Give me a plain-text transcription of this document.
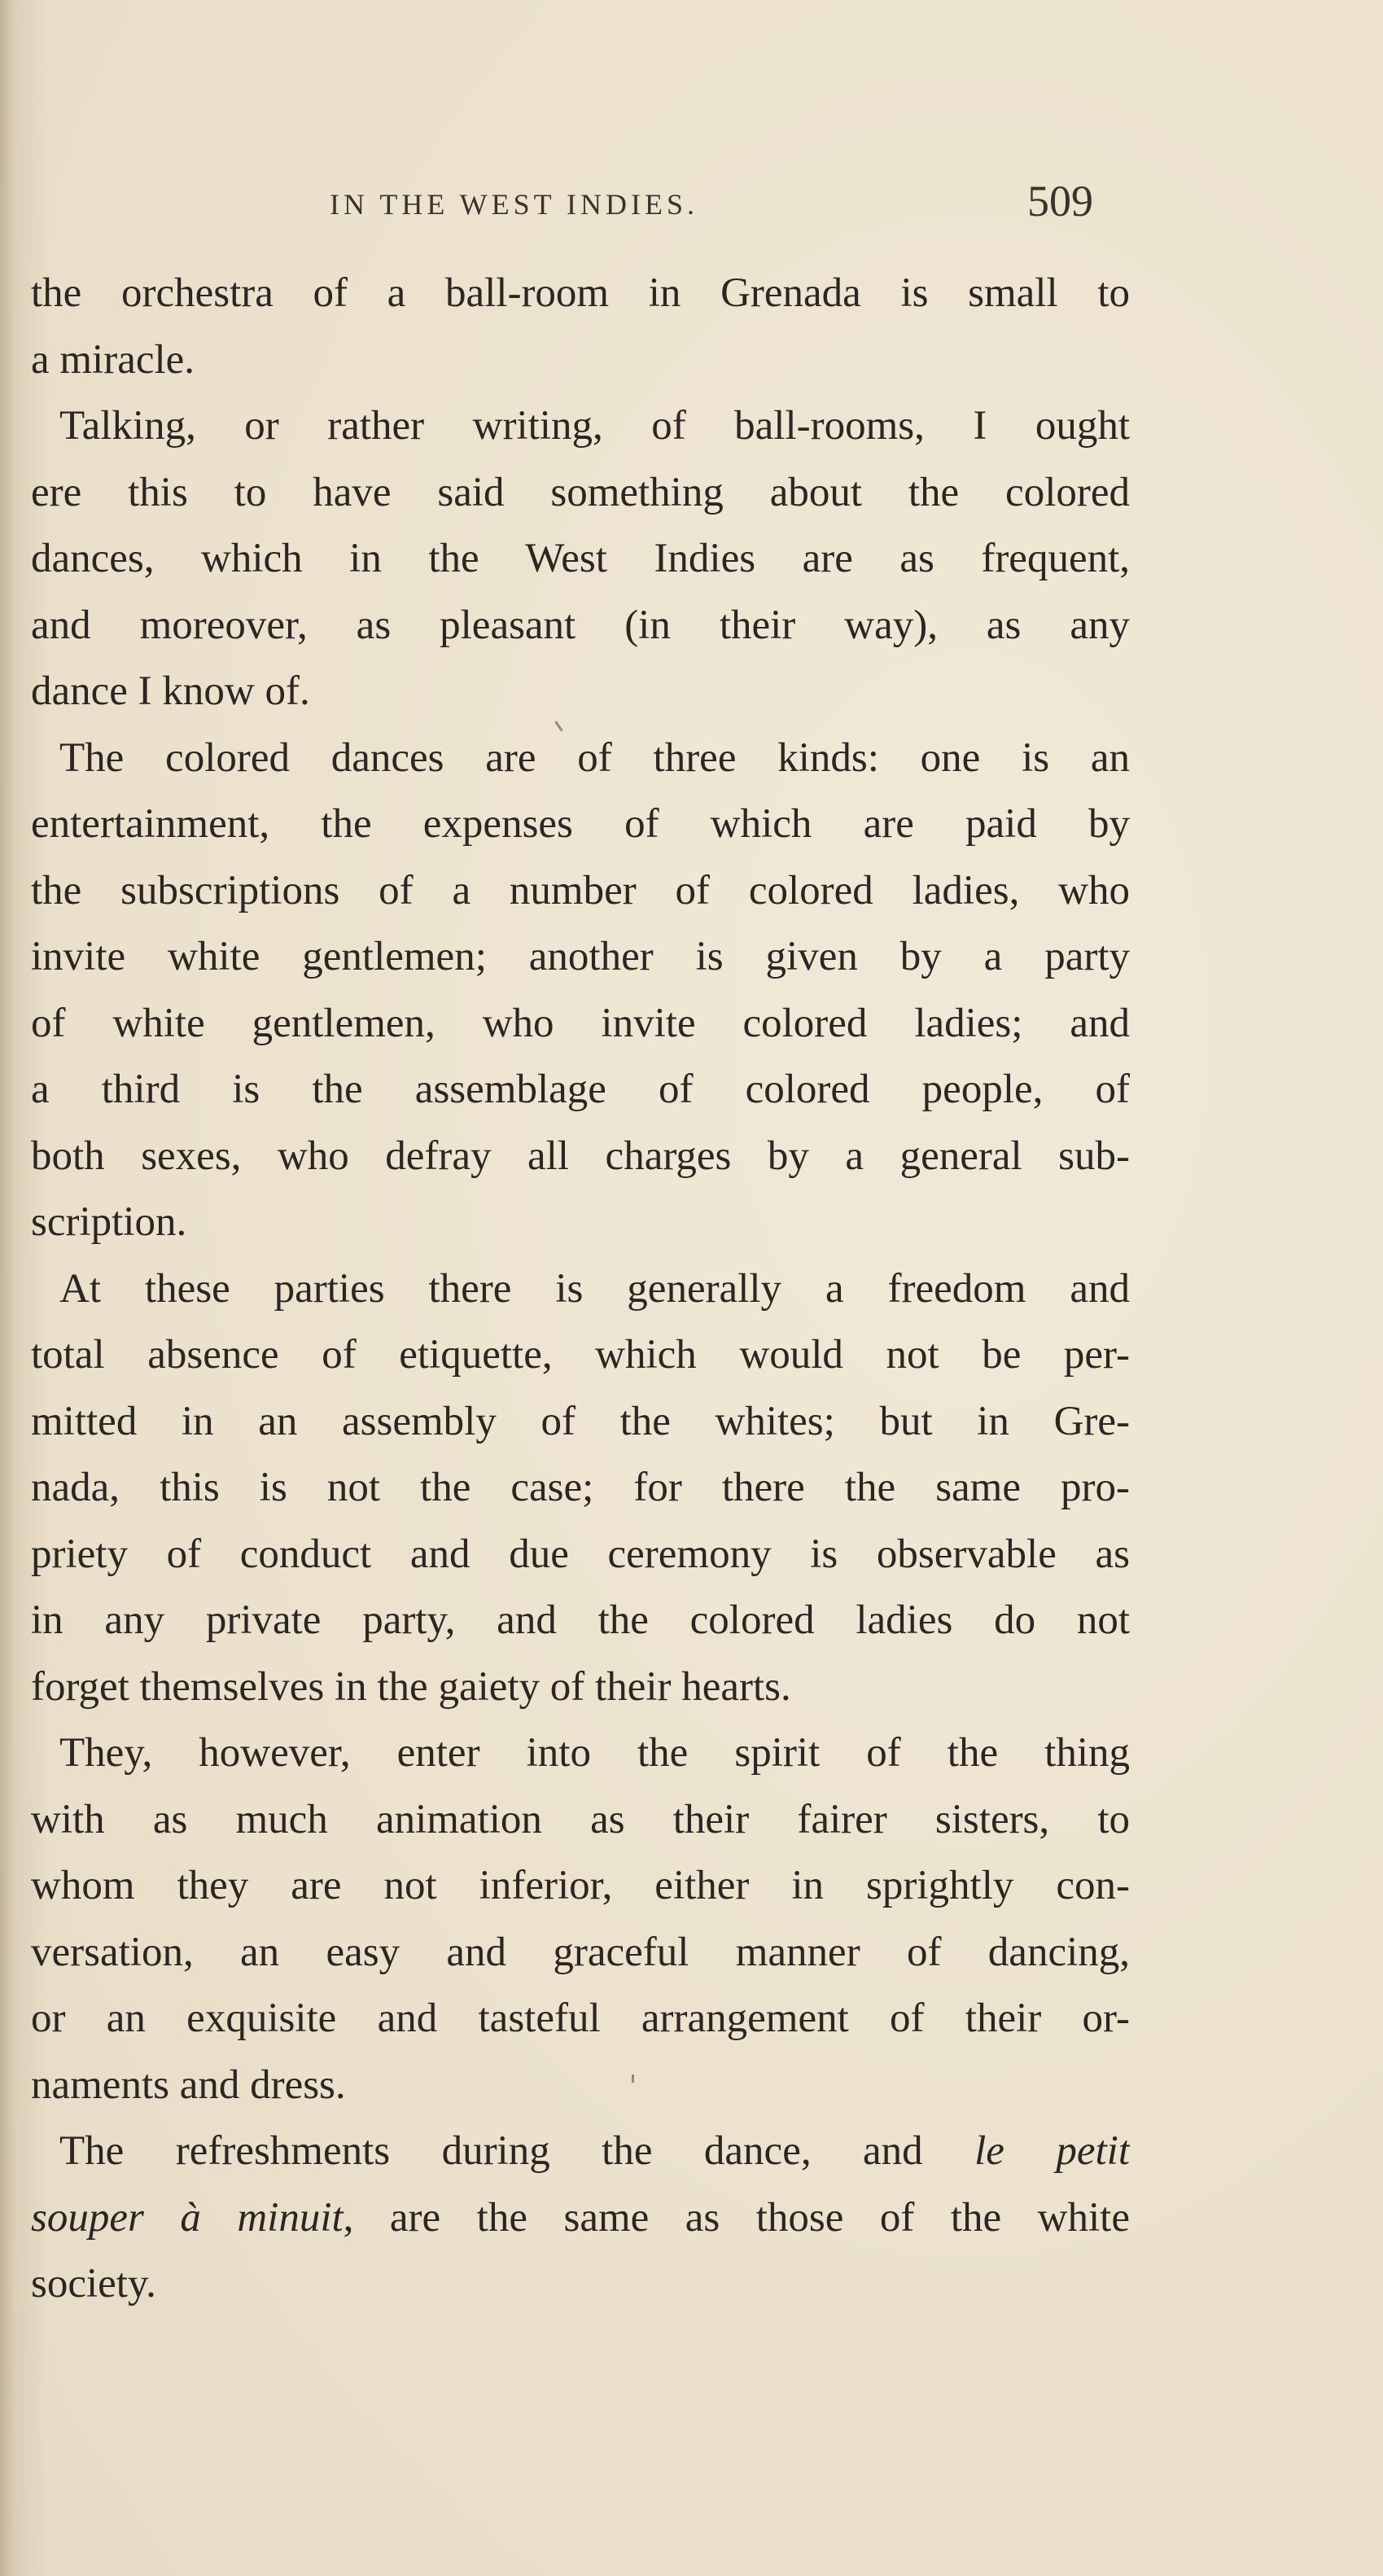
IN THE WEST INDIES.	509
the orchestra of a ball-room in Grenada is small to
a miracle.
Talking, or rather writing, of ball-rooms, I ought
ere this to have said something about the colored
dances, which in the West Indies are as frequent,
and moreover, as pleasant (in their way), as any
dance I know of.
The colored dances are of three kinds: one is an
entertainment, the expenses of which are paid by
the subscriptions of a number of colored ladies, who
invite white gentlemen; another is given by a party
of white gentlemen, who invite colored ladies; and
a third is the assemblage of colored people, of
both sexes, who defray all charges by a general sub-
scription.
At these parties there is generally a freedom and
total absence of etiquette, which would not be per-
mitted in an assembly of the whites; but in Gre-
nada, this is not the case; for there the same pro-
priety of conduct and due ceremony is observable as
in any private party, and the colored ladies do not
forget themselves in the gaiety of their hearts.
They, however, enter into the spirit of the thing
with as much animation as their fairer sisters, to
whom they are not inferior, either in sprightly con-
versation, an easy and graceful manner of dancing,
or an exquisite and tasteful arrangement of their or-
naments and dress.
The refreshments during the dance, and le petit
souper à minuit, are the same as those of the white
society.
